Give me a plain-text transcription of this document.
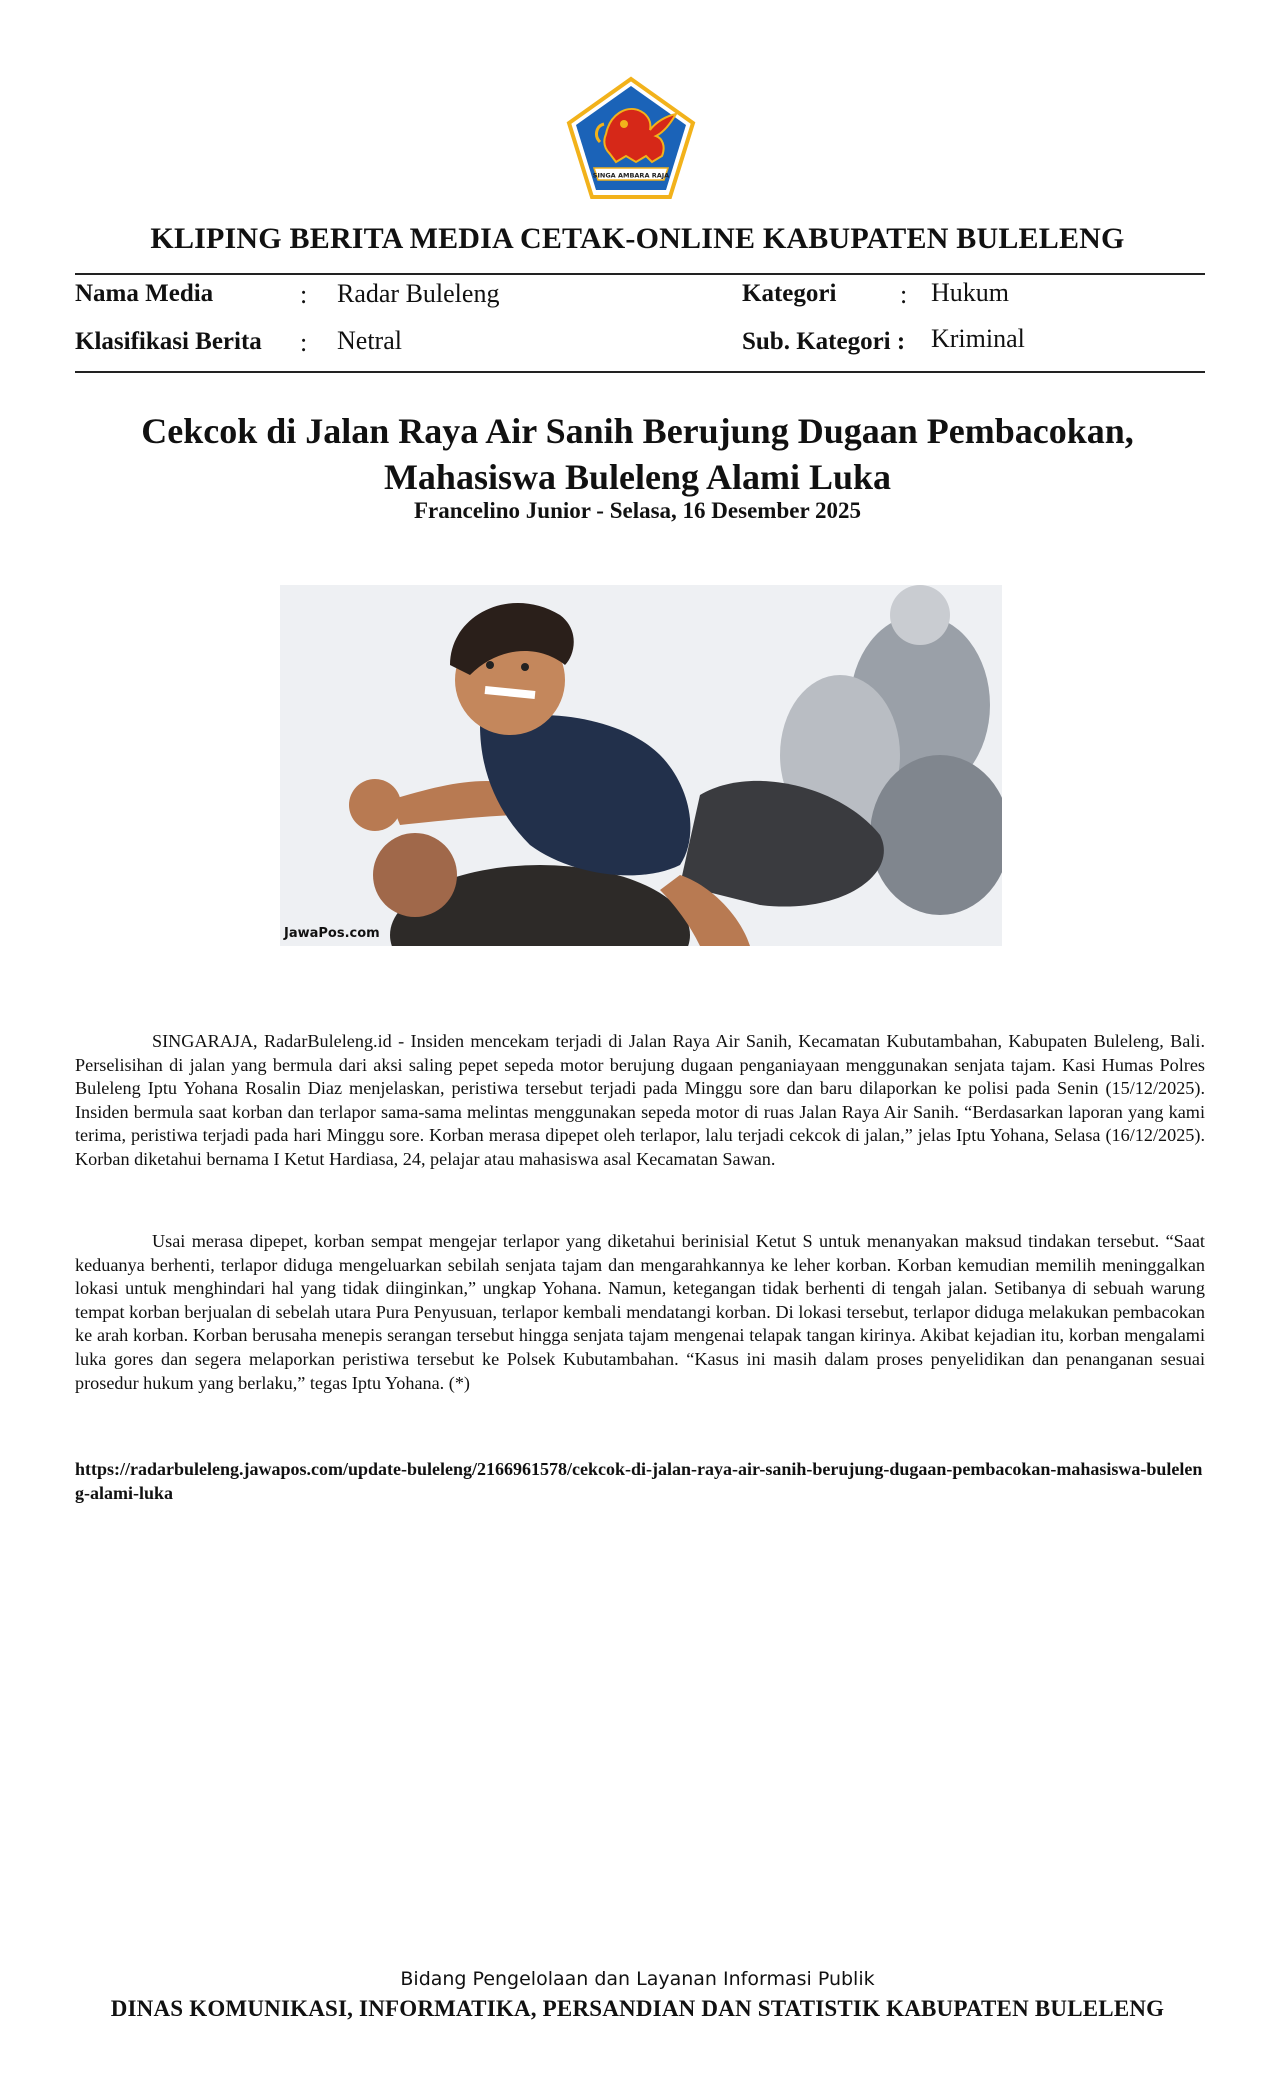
SINGA AMBARA RAJA
KLIPING BERITA MEDIA CETAK-ONLINE KABUPATEN BULELENG
Nama Media	: Radar Buleleng
Klasifikasi Berita : Netral
Kategori : Hukum
Sub. Kategori : Kriminal
Cekcok di Jalan Raya Air Sanih Berujung Dugaan Pembacokan,
Mahasiswa Buleleng Alami Luka
Francelino Junior - Selasa, 16 Desember 2025
JawaPos.com
SINGARAJA, RadarBuleleng.id - Insiden mencekam terjadi di Jalan Raya Air Sanih, Kecamatan Kubutambahan, Kabupaten Buleleng, Bali. Perselisihan di jalan yang bermula dari aksi saling pepet sepeda motor berujung dugaan penganiayaan menggunakan senjata tajam. Kasi Humas Polres Buleleng Iptu Yohana Rosalin Diaz menjelaskan, peristiwa tersebut terjadi pada Minggu sore dan baru dilaporkan ke polisi pada Senin (15/12/2025). Insiden bermula saat korban dan terlapor sama-sama melintas menggunakan sepeda motor di ruas Jalan Raya Air Sanih. “Berdasarkan laporan yang kami terima, peristiwa terjadi pada hari Minggu sore. Korban merasa dipepet oleh terlapor, lalu terjadi cekcok di jalan,” jelas Iptu Yohana, Selasa (16/12/2025). Korban diketahui bernama I Ketut Hardiasa, 24, pelajar atau mahasiswa asal Kecamatan Sawan.
Usai merasa dipepet, korban sempat mengejar terlapor yang diketahui berinisial Ketut S untuk menanyakan maksud tindakan tersebut. “Saat keduanya berhenti, terlapor diduga mengeluarkan sebilah senjata tajam dan mengarahkannya ke leher korban. Korban kemudian memilih meninggalkan lokasi untuk menghindari hal yang tidak diinginkan,” ungkap Yohana. Namun, ketegangan tidak berhenti di tengah jalan. Setibanya di sebuah warung tempat korban berjualan di sebelah utara Pura Penyusuan, terlapor kembali mendatangi korban. Di lokasi tersebut, terlapor diduga melakukan pembacokan ke arah korban. Korban berusaha menepis serangan tersebut hingga senjata tajam mengenai telapak tangan kirinya. Akibat kejadian itu, korban mengalami luka gores dan segera melaporkan peristiwa tersebut ke Polsek Kubutambahan. “Kasus ini masih dalam proses penyelidikan dan penanganan sesuai prosedur hukum yang berlaku,” tegas Iptu Yohana. (*)
https://radarbuleleng.jawapos.com/update-buleleng/2166961578/cekcok-di-jalan-raya-air-sanih-berujung-dugaan-pembacokan-mahasiswa-buleleng-alami-luka
Bidang Pengelolaan dan Layanan Informasi Publik
DINAS KOMUNIKASI, INFORMATIKA, PERSANDIAN DAN STATISTIK KABUPATEN BULELENG
